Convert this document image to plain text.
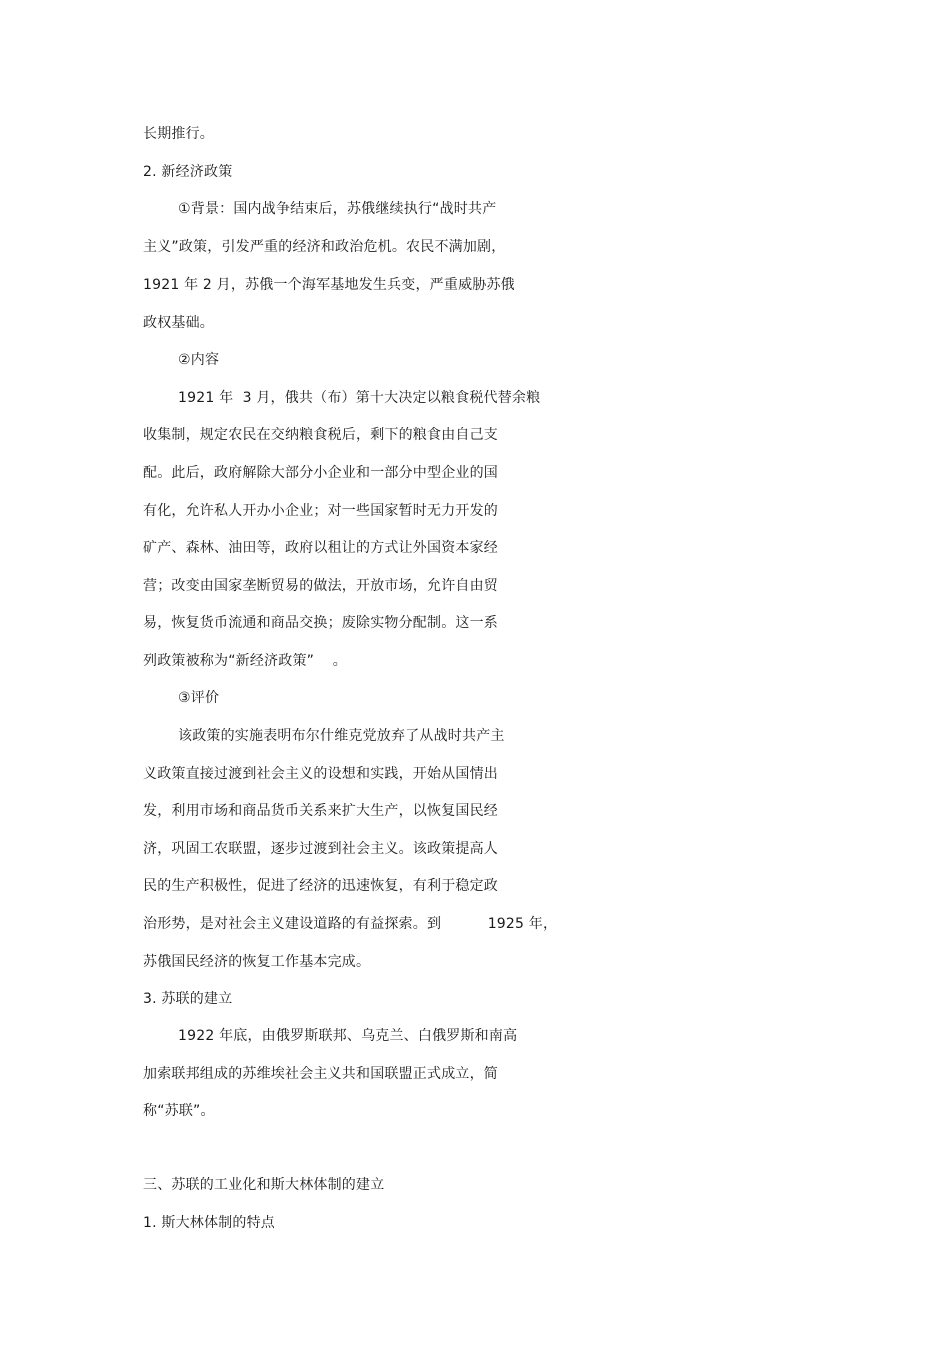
长期推行。
2. 新经济政策
①背景：国内战争结束后，苏俄继续执行“战时共产
主义”政策，引发严重的经济和政治危机。农民不满加剧，
1921 年 2 月，苏俄一个海军基地发生兵变，严重威胁苏俄
政权基础。
②内容
1921 年  3 月，俄共（布）第十大决定以粮食税代替余粮
收集制，规定农民在交纳粮食税后，剩下的粮食由自己支
配。此后，政府解除大部分小企业和一部分中型企业的国
有化，允许私人开办小企业；对一些国家暂时无力开发的
矿产、森林、油田等，政府以租让的方式让外国资本家经
营；改变由国家垄断贸易的做法，开放市场，允许自由贸
易，恢复货币流通和商品交换；废除实物分配制。这一系
列政策被称为“新经济政策”    。
③评价
该政策的实施表明布尔什维克党放弃了从战时共产主
义政策直接过渡到社会主义的设想和实践，开始从国情出
发，利用市场和商品货币关系来扩大生产，以恢复国民经
济，巩固工农联盟，逐步过渡到社会主义。该政策提高人
民的生产积极性，促进了经济的迅速恢复，有利于稳定政
治形势，是对社会主义建设道路的有益探索。到          1925 年，
苏俄国民经济的恢复工作基本完成。
3. 苏联的建立
1922 年底，由俄罗斯联邦、乌克兰、白俄罗斯和南高
加索联邦组成的苏维埃社会主义共和国联盟正式成立，简
称“苏联”。
三、苏联的工业化和斯大林体制的建立
1. 斯大林体制的特点
